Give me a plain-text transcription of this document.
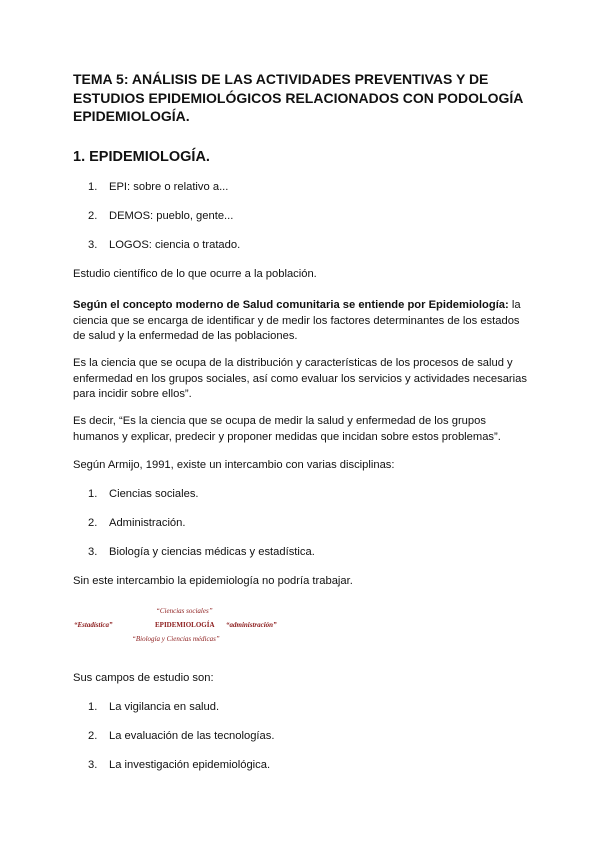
TEMA 5: ANÁLISIS DE LAS ACTIVIDADES PREVENTIVAS Y DE ESTUDIOS EPIDEMIOLÓGICOS RELACIONADOS CON PODOLOGÍA EPIDEMIOLOGÍA.
1. EPIDEMIOLOGÍA.
1. EPI: sobre o relativo a...
2. DEMOS: pueblo, gente...
3. LOGOS: ciencia o tratado.

Estudio científico de lo que ocurre a la población.

Según el concepto moderno de Salud comunitaria se entiende por Epidemiología: la ciencia que se encarga de identificar y de medir los factores determinantes de los estados de salud y la enfermedad de las poblaciones.

Es la ciencia que se ocupa de la distribución y características de los procesos de salud y enfermedad en los grupos sociales, así como evaluar los servicios y actividades necesarias para incidir sobre ellos”.

Es decir, “Es la ciencia que se ocupa de medir la salud y enfermedad de los grupos humanos y explicar, predecir y proponer medidas que incidan sobre estos problemas”.

Según Armijo, 1991, existe un intercambio con varias disciplinas:

1. Ciencias sociales.
2. Administración.
3. Biología y ciencias médicas y estadística.

Sin este intercambio la epidemiología no podría trabajar.

“Ciencias sociales”
“Estadística”	EPIDEMIOLOGÍA “administración”
“Biología y Ciencias médicas”

Sus campos de estudio son:

1. La vigilancia en salud.
2. La evaluación de las tecnologías.
3. La investigación epidemiológica.
